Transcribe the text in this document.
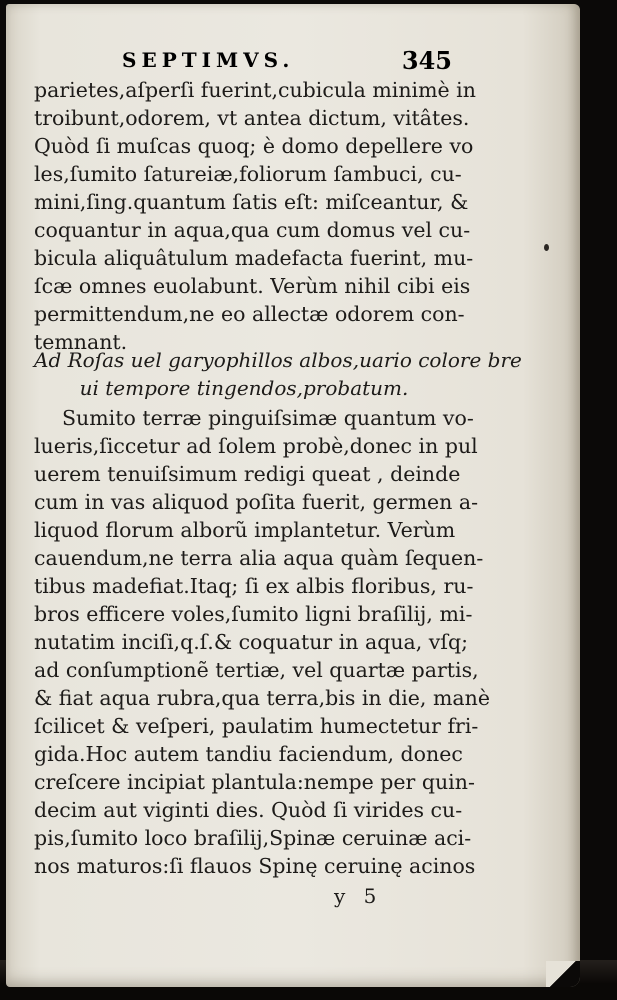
SEPTIMVS.	345
parietes,aſperſi fuerint,cubicula minimè in
troibunt,odorem, vt antea dictum, vitâtes.
Quòd ſi muſcas quoq; è domo depellere vo
les,ſumito ſatureiæ,foliorum ſambuci, cu-
mini,ſing.quantum ſatis eſt: miſceantur, &
coquantur in aqua,qua cum domus vel cu-
bicula aliquâtulum madefacta fuerint, mu-
ſcæ omnes euolabunt. Verùm nihil cibi eis
permittendum,ne eo allectæ odorem con-
temnant.
Ad Roſas uel garyophillos albos,uario colore bre
ui tempore tingendos,probatum.
Sumito terræ pinguiſsimæ quantum vo-
lueris,ſiccetur ad ſolem probè,donec in pul
uerem tenuiſsimum redigi queat , deinde
cum in vas aliquod poſita fuerit, germen a-
liquod florum alborũ implantetur. Verùm
cauendum,ne terra alia aqua quàm ſequen-
tibus madefiat.Itaq; ſi ex albis floribus, ru-
bros efficere voles,ſumito ligni braſilij, mi-
nutatim inciſi,q.ſ.& coquatur in aqua, vſq;
ad conſumptionẽ tertiæ, vel quartæ partis,
& fiat aqua rubra,qua terra,bis in die, manè
ſcilicet & veſperi, paulatim humectetur fri-
gida.Hoc autem tandiu faciendum, donec
creſcere incipiat plantula:nempe per quin-
decim aut viginti dies. Quòd ſi virides cu-
pis,ſumito loco braſilij,Spinæ ceruinæ aci-
nos maturos:ſi flauos Spinę ceruinę acinos
y 5
